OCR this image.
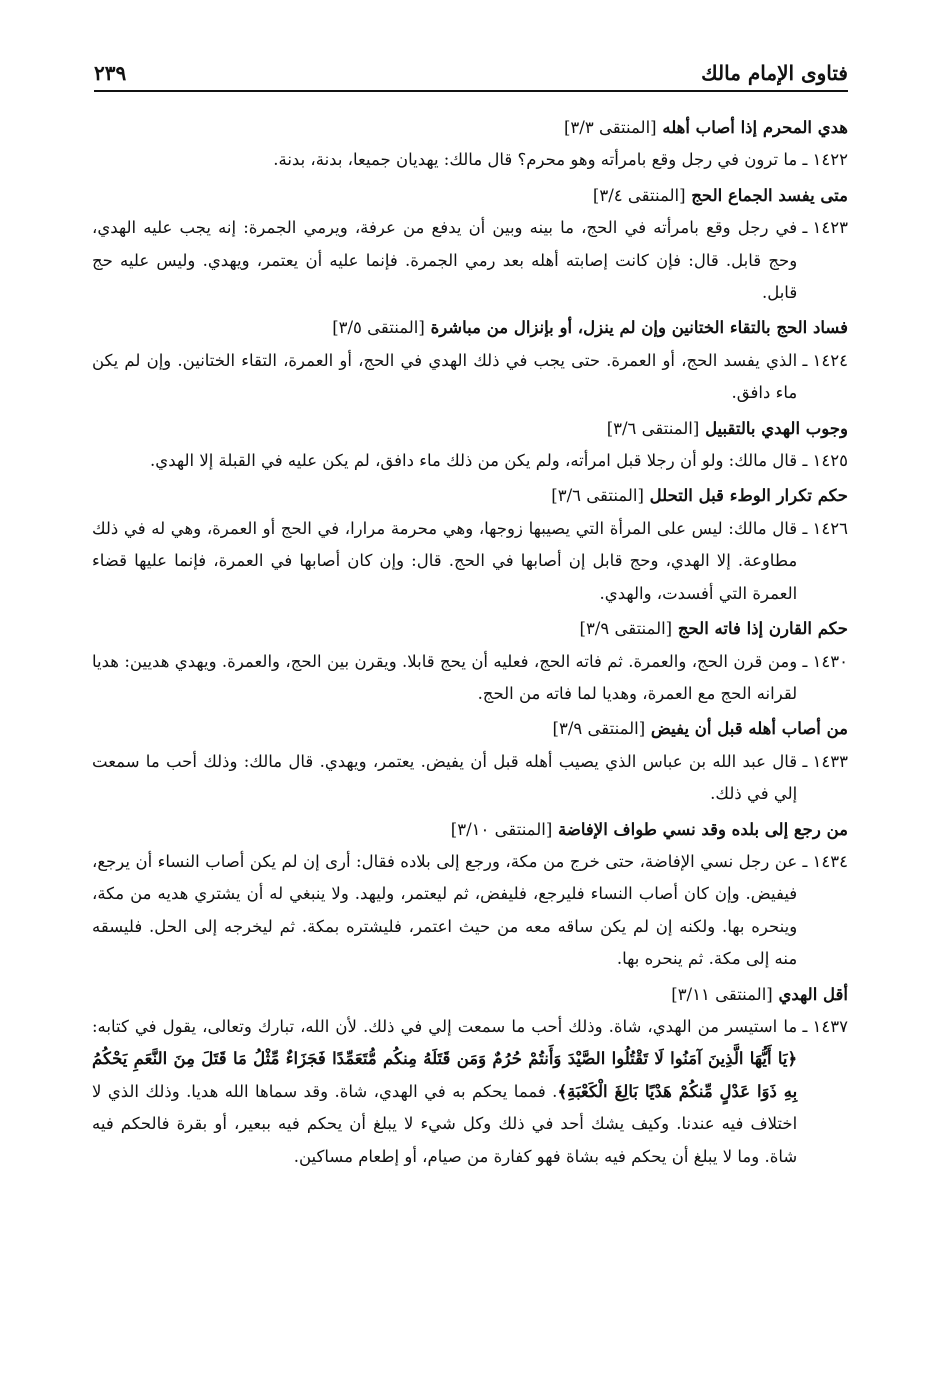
فتاوى الإمام مالك
٢٣٩
هدي المحرم إذا أصاب أهله [المنتقى ٣/٣]
١٤٢٢ ـ

ما ترون في رجل وقع بامرأته وهو محرم؟ قال مالك: يهديان جميعا، بدنة، بدنة.
متى يفسد الجماع الحج [المنتقى ٣/٤]
١٤٢٣ ـ

في رجل وقع بامرأته في الحج، ما بينه وبين أن يدفع من عرفة، ويرمي الجمرة: إنه يجب عليه الهدي، وحج قابل. قال: فإن كانت إصابته أهله بعد رمي الجمرة. فإنما عليه أن يعتمر، ويهدي. وليس عليه حج قابل.
فساد الحج بالتقاء الختانين وإن لم ينزل، أو بإنزال من مباشرة [المنتقى ٣/٥]
١٤٢٤ ـ

الذي يفسد الحج، أو العمرة. حتى يجب في ذلك الهدي في الحج، أو العمرة، التقاء الختانين. وإن لم يكن ماء دافق.
وجوب الهدي بالتقبيل [المنتقى ٣/٦]
١٤٢٥ ـ

قال مالك: ولو أن رجلا قبل امرأته، ولم يكن من ذلك ماء دافق، لم يكن عليه في القبلة إلا الهدي.
حكم تكرار الوطء قبل التحلل [المنتقى ٣/٦]
١٤٢٦ ـ

قال مالك: ليس على المرأة التي يصيبها زوجها، وهي محرمة مرارا، في الحج أو العمرة، وهي له في ذلك مطاوعة. إلا الهدي، وحج قابل إن أصابها في الحج. قال: وإن كان أصابها في العمرة، فإنما عليها قضاء العمرة التي أفسدت، والهدي.
حكم القارن إذا فاته الحج [المنتقى ٣/٩]
١٤٣٠ ـ

ومن قرن الحج، والعمرة. ثم فاته الحج، فعليه أن يحج قابلا. ويقرن بين الحج، والعمرة. ويهدي هديين: هديا لقرانه الحج مع العمرة، وهديا لما فاته من الحج.
من أصاب أهله قبل أن يفيض [المنتقى ٣/٩]
١٤٣٣ ـ

قال عبد الله بن عباس الذي يصيب أهله قبل أن يفيض. يعتمر، ويهدي. قال مالك: وذلك أحب ما سمعت إلي في ذلك.
من رجع إلى بلده وقد نسي طواف الإفاضة [المنتقى ٣/١٠]
١٤٣٤ ـ

عن رجل نسي الإفاضة، حتى خرج من مكة، ورجع إلى بلاده فقال: أرى إن لم يكن أصاب النساء أن يرجع، فيفيض. وإن كان أصاب النساء فليرجع، فليفض، ثم ليعتمر، وليهد. ولا ينبغي له أن يشتري هديه من مكة، وينحره بها. ولكنه إن لم يكن ساقه معه من حيث اعتمر، فليشتره بمكة. ثم ليخرجه إلى الحل. فليسقه منه إلى مكة. ثم ينحره بها.
أقل الهدي [المنتقى ٣/١١]
١٤٣٧ ـ

ما استيسر من الهدي، شاة. وذلك أحب ما سمعت إلي في ذلك. لأن الله، تبارك وتعالى، يقول في كتابه: ﴿يَا أَيُّهَا الَّذِينَ آمَنُوا لَا تَقْتُلُوا الصَّيْدَ وَأَنتُمْ حُرُمٌ وَمَن قَتَلَهُ مِنكُم مُّتَعَمِّدًا فَجَزَاءٌ مِّثْلُ مَا قَتَلَ مِنَ النَّعَمِ يَحْكُمُ بِهِ ذَوَا عَدْلٍ مِّنكُمْ هَدْيًا بَالِغَ الْكَعْبَةِ﴾. فمما يحكم به في الهدي، شاة. وقد سماها الله هديا. وذلك الذي لا اختلاف فيه عندنا. وكيف يشك أحد في ذلك وكل شيء لا يبلغ أن يحكم فيه ببعير، أو بقرة فالحكم فيه شاة. وما لا يبلغ أن يحكم فيه بشاة فهو كفارة من صيام، أو إطعام مساكين.
